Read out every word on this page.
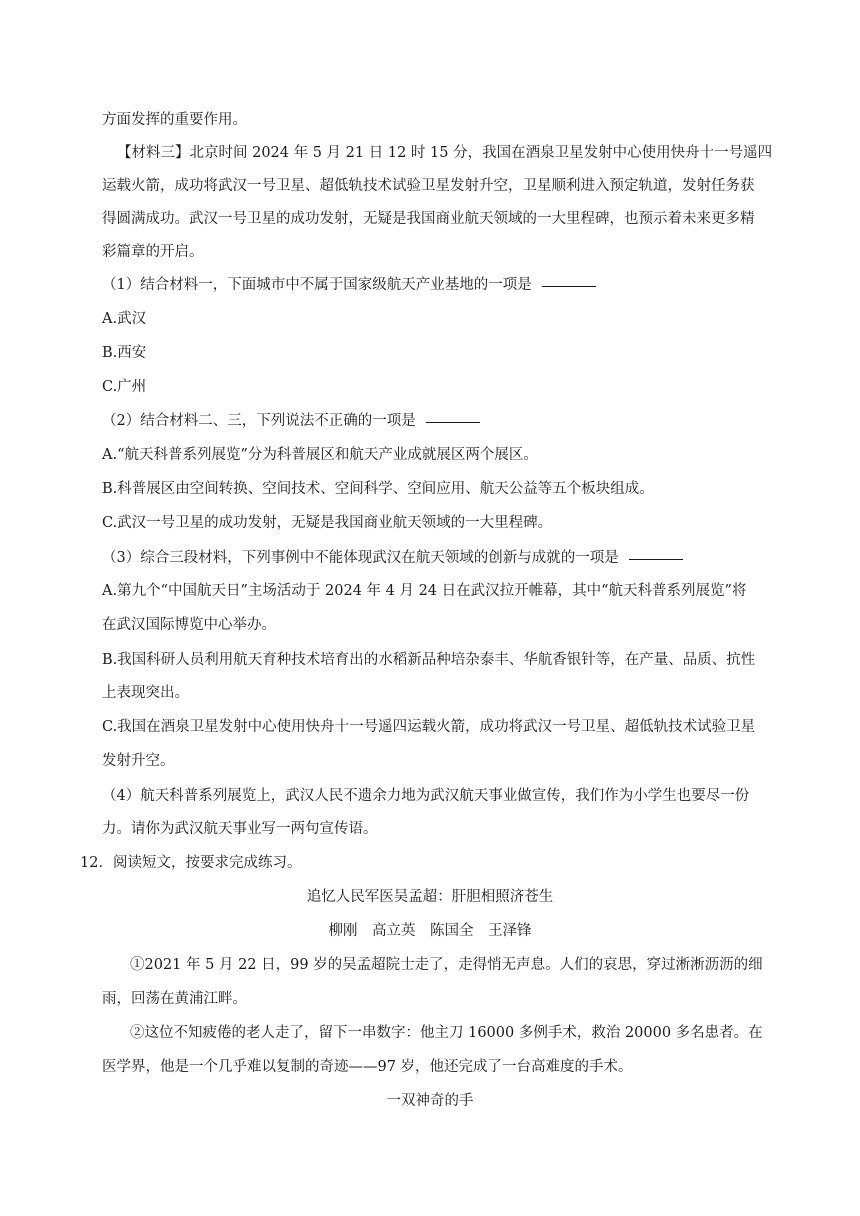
方面发挥的重要作用。
【材料三】北京时间 2024 年 5 月 21 日 12 时 15 分，我国在酒泉卫星发射中心使用快舟十一号遥四
运载火箭，成功将武汉一号卫星、超低轨技术试验卫星发射升空，卫星顺利进入预定轨道，发射任务获
得圆满成功。武汉一号卫星的成功发射，无疑是我国商业航天领域的一大里程碑，也预示着未来更多精
彩篇章的开启。
（1）结合材料一，下面城市中不属于国家级航天产业基地的一项是
A.武汉
B.西安
C.广州
（2）结合材料二、三，下列说法不正确的一项是
A.“航天科普系列展览”分为科普展区和航天产业成就展区两个展区。
B.科普展区由空间转换、空间技术、空间科学、空间应用、航天公益等五个板块组成。
C.武汉一号卫星的成功发射，无疑是我国商业航天领域的一大里程碑。
（3）综合三段材料，下列事例中不能体现武汉在航天领域的创新与成就的一项是
A.第九个“中国航天日”主场活动于 2024 年 4 月 24 日在武汉拉开帷幕，其中“航天科普系列展览”将
在武汉国际博览中心举办。
B.我国科研人员利用航天育种技术培育出的水稻新品种培杂泰丰、华航香银针等，在产量、品质、抗性
上表现突出。
C.我国在酒泉卫星发射中心使用快舟十一号遥四运载火箭，成功将武汉一号卫星、超低轨技术试验卫星
发射升空。
（4）航天科普系列展览上，武汉人民不遗余力地为武汉航天事业做宣传，我们作为小学生也要尽一份
力。请你为武汉航天事业写一两句宣传语。
12．阅读短文，按要求完成练习。
追忆人民军医吴孟超：肝胆相照济苍生
柳刚　高立英　陈国全　王泽锋
①2021 年 5 月 22 日，99 岁的吴孟超院士走了，走得悄无声息。人们的哀思，穿过淅淅沥沥的细
雨，回荡在黄浦江畔。
②这位不知疲倦的老人走了，留下一串数字：他主刀 16000 多例手术，救治 20000 多名患者。在
医学界，他是一个几乎难以复制的奇迹——97 岁，他还完成了一台高难度的手术。
一双神奇的手
